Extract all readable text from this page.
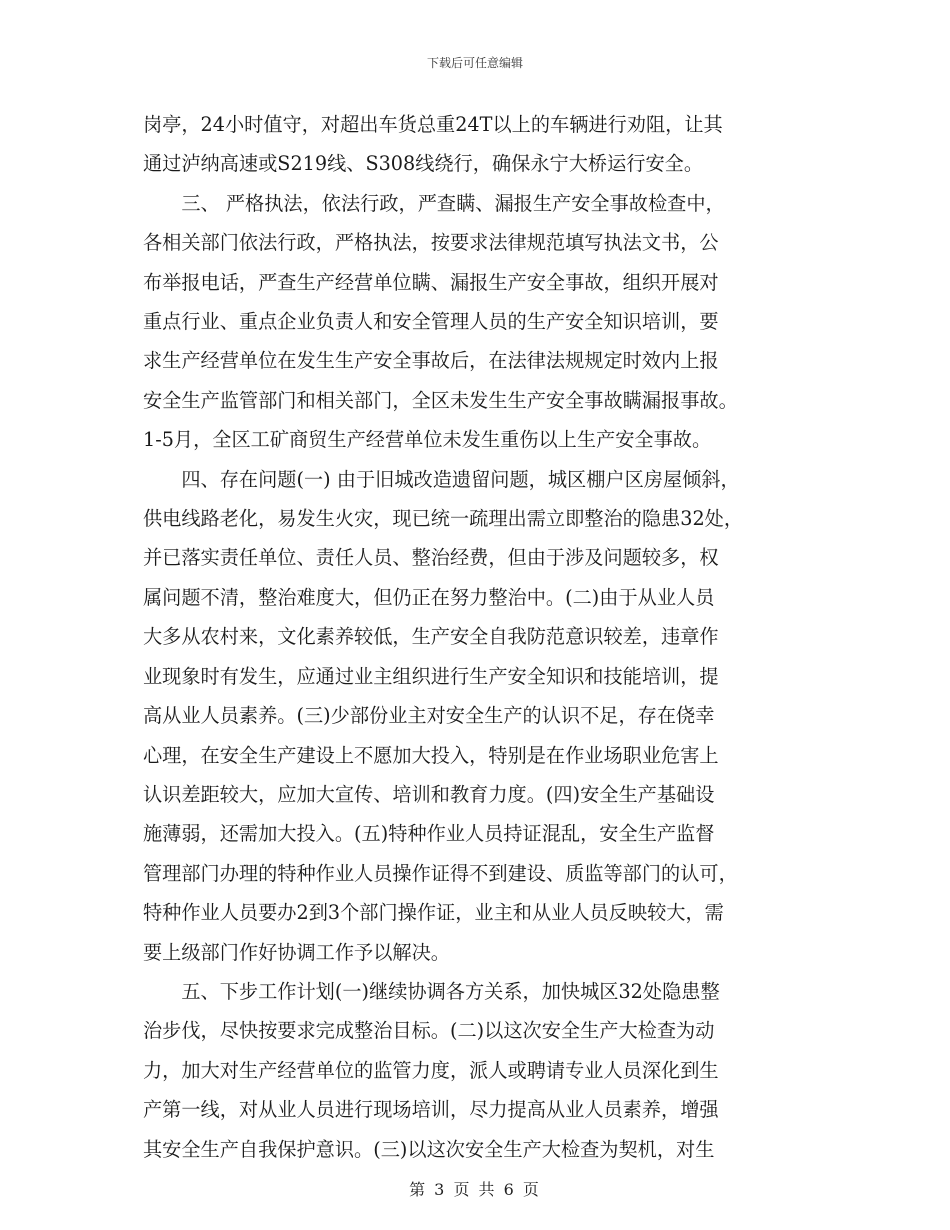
下载后可任意编辑

岗亭，24小时值守，对超出车货总重24T以上的车辆进行劝阻，让其

通过泸纳高速或S219线、S308线绕行，确保永宁大桥运行安全。

　　三、 严格执法，依法行政，严查瞒、漏报生产安全事故检查中，

各相关部门依法行政，严格执法，按要求法律规范填写执法文书，公

布举报电话，严查生产经营单位瞒、漏报生产安全事故，组织开展对

重点行业、重点企业负责人和安全管理人员的生产安全知识培训，要

求生产经营单位在发生生产安全事故后，在法律法规规定时效内上报

安全生产监管部门和相关部门，全区未发生生产安全事故瞒漏报事故。

1-5月，全区工矿商贸生产经营单位未发生重伤以上生产安全事故。

　　四、存在问题(一) 由于旧城改造遗留问题，城区棚户区房屋倾斜，

供电线路老化，易发生火灾，现已统一疏理出需立即整治的隐患32处，

并已落实责任单位、责任人员、整治经费，但由于涉及问题较多，权

属问题不清，整治难度大，但仍正在努力整治中。(二)由于从业人员

大多从农村来，文化素养较低，生产安全自我防范意识较差，违章作

业现象时有发生，应通过业主组织进行生产安全知识和技能培训，提

高从业人员素养。(三)少部份业主对安全生产的认识不足，存在侥幸

心理，在安全生产建设上不愿加大投入，特别是在作业场职业危害上

认识差距较大，应加大宣传、培训和教育力度。(四)安全生产基础设

施薄弱，还需加大投入。(五)特种作业人员持证混乱，安全生产监督

管理部门办理的特种作业人员操作证得不到建设、质监等部门的认可，

特种作业人员要办2到3个部门操作证，业主和从业人员反映较大，需

要上级部门作好协调工作予以解决。

　　五、下步工作计划(一)继续协调各方关系，加快城区32处隐患整

治步伐，尽快按要求完成整治目标。(二)以这次安全生产大检查为动

力，加大对生产经营单位的监管力度，派人或聘请专业人员深化到生

产第一线，对从业人员进行现场培训，尽力提高从业人员素养，增强

其安全生产自我保护意识。(三)以这次安全生产大检查为契机，对生

第 3 页 共 6 页
